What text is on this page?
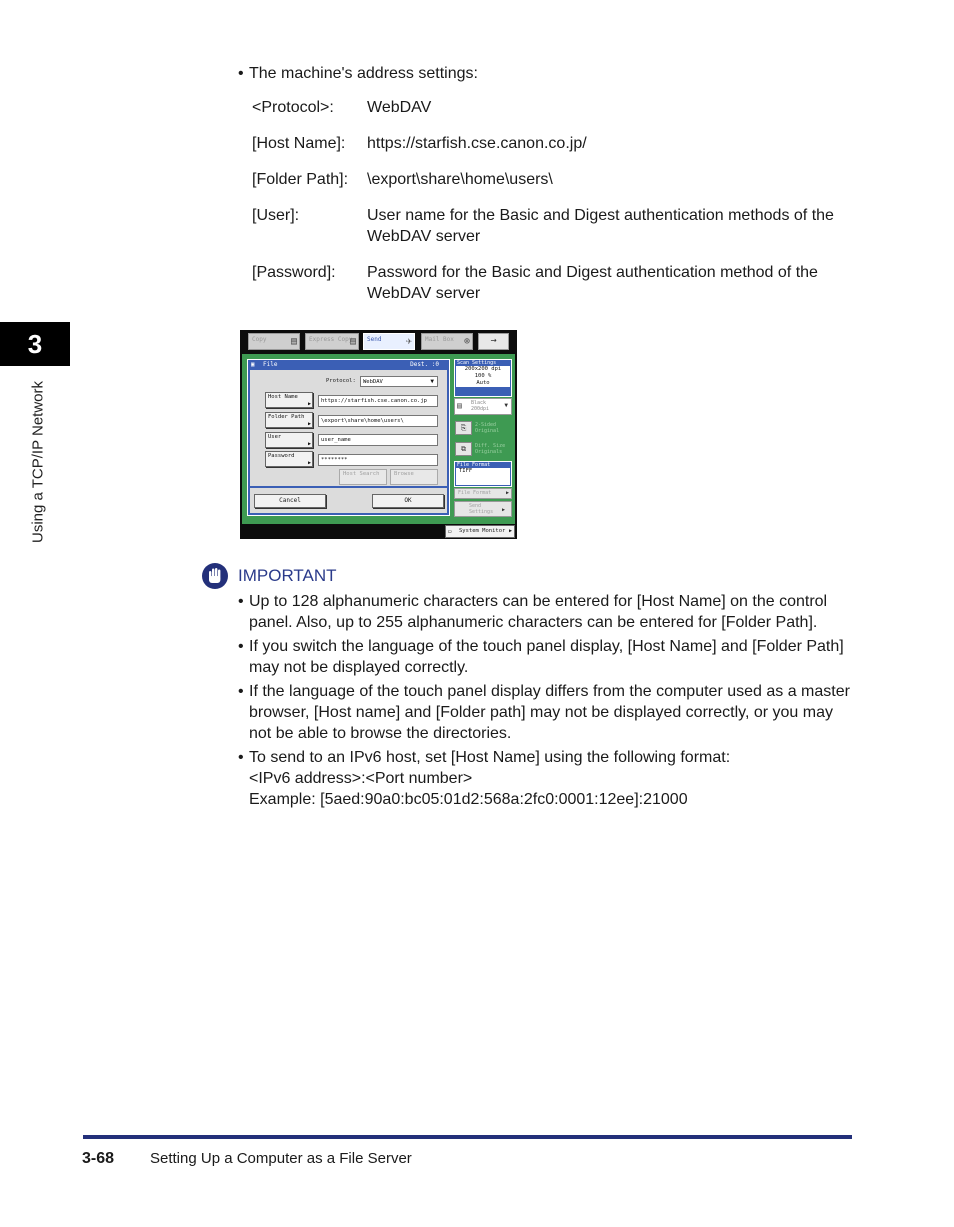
3
Using a TCP/IP Network
• The machine's address settings:
<Protocol>: WebDAV
[Host Name]: https://starfish.cse.canon.co.jp/
[Folder Path]: \export\share\home\users\
[User]:	User name for the Basic and Digest authentication methods of the WebDAV server
[Password]: Password for the Basic and Digest authentication method of the WebDAV server
Copy ▤	Express Copy
▤	Send ✈	Mail Box ⊚	→
▣ File	Dest. :0
Protocol:	WebDAV	▼
Host Name
▶	https://starfish.cse.canon.co.jp
Folder Path
▶	\export\share\home\users\
User
▶
user_name
Password
▶	********
Host Search	Browse
Cancel	OK
Scan Settings
200x200 dpi
100 %
Auto
▤ Black
200dpi	▼
⎘	2-Sided
Original
⧉	Diff. Size
Originals
File Format
TIFF
File Format	▶
Send
Settings ▶
▭ System Monitor ▶
IMPORTANT
• Up to 128 alphanumeric characters can be entered for [Host Name] on the control panel. Also, up to 255 alphanumeric characters can be entered for [Folder Path].
• If you switch the language of the touch panel display, [Host Name] and [Folder Path] may not be displayed correctly.
• If the language of the touch panel display differs from the computer used as a master browser, [Host name] and [Folder path] may not be displayed correctly, or you may not be able to browse the directories.
• To send to an IPv6 host, set [Host Name] using the following format:
<IPv6 address>:<Port number>
Example: [5aed:90a0:bc05:01d2:568a:2fc0:0001:12ee]:21000
3-68 Setting Up a Computer as a File Server
